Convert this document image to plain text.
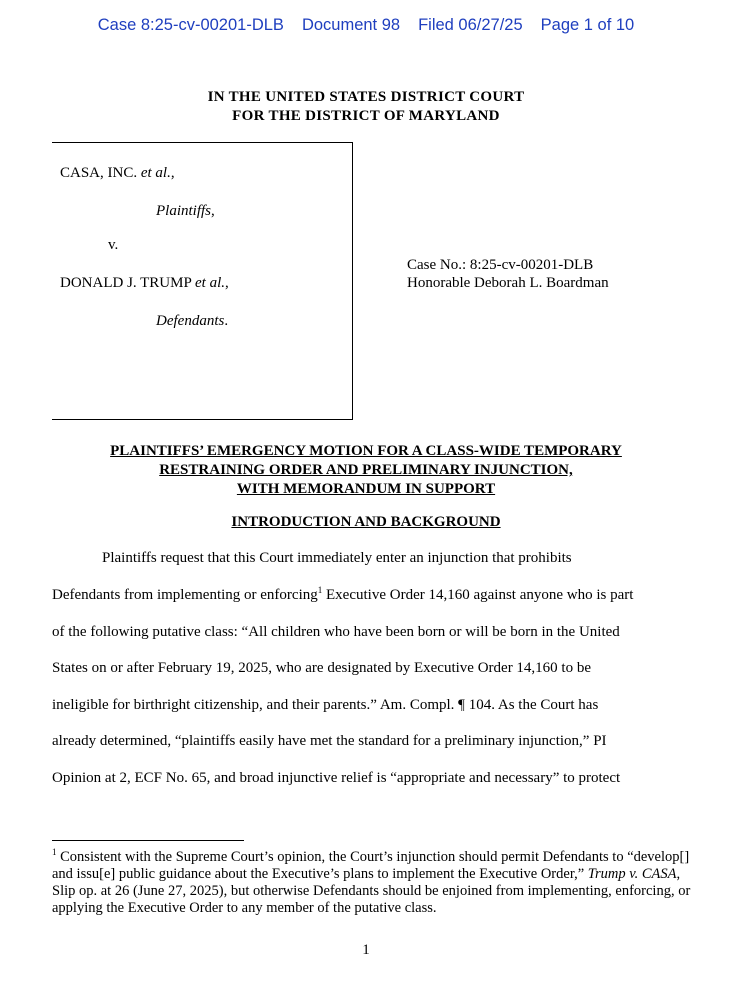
Case 8:25-cv-00201-DLB Document 98 Filed 06/27/25 Page 1 of 10
IN THE UNITED STATES DISTRICT COURT
FOR THE DISTRICT OF MARYLAND
CASA, INC. et al.,
Plaintiffs,
v.
DONALD J. TRUMP et al.,
Defendants.
Case No.: 8:25-cv-00201-DLB
Honorable Deborah L. Boardman
PLAINTIFFS’ EMERGENCY MOTION FOR A CLASS-WIDE TEMPORARY
RESTRAINING ORDER AND PRELIMINARY INJUNCTION,
WITH MEMORANDUM IN SUPPORT
INTRODUCTION AND BACKGROUND
Plaintiffs request that this Court immediately enter an injunction that prohibits
Defendants from implementing or enforcing$^1$ Executive Order 14,160 against anyone who is part
of the following putative class: “All children who have been born or will be born in the United
States on or after February 19, 2025, who are designated by Executive Order 14,160 to be
ineligible for birthright citizenship, and their parents.” Am. Compl. ¶ 104. As the Court has
already determined, “plaintiffs easily have met the standard for a preliminary injunction,” PI
Opinion at 2, ECF No. 65, and broad injunctive relief is “appropriate and necessary” to protect
$^1$ Consistent with the Supreme Court’s opinion, the Court’s injunction should permit Defendants to “develop[] and issu[e] public guidance about the Executive’s plans to implement the Executive Order,” Trump v. CASA, Slip op. at 26 (June 27, 2025), but otherwise Defendants should be enjoined from implementing, enforcing, or applying the Executive Order to any member of the putative class.
1
